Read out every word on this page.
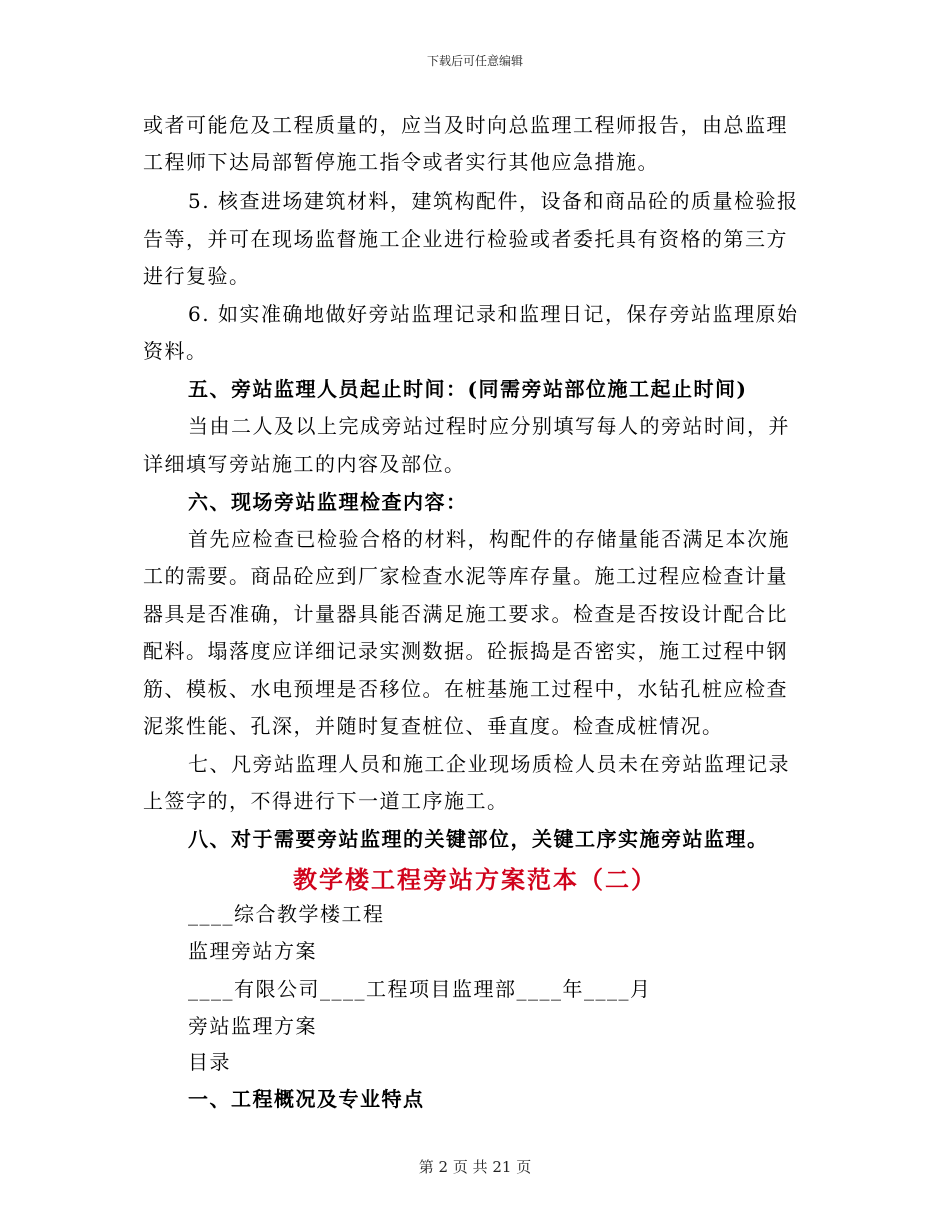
下载后可任意编辑
或者可能危及工程质量的，应当及时向总监理工程师报告，由总监理
工程师下达局部暂停施工指令或者实行其他应急措施。
5. 核查进场建筑材料，建筑构配件，设备和商品砼的质量检验报
告等，并可在现场监督施工企业进行检验或者委托具有资格的第三方
进行复验。
6. 如实准确地做好旁站监理记录和监理日记，保存旁站监理原始
资料。
五、旁站监理人员起止时间：(同需旁站部位施工起止时间)
当由二人及以上完成旁站过程时应分别填写每人的旁站时间，并
详细填写旁站施工的内容及部位。
六、现场旁站监理检查内容：
首先应检查已检验合格的材料，构配件的存储量能否满足本次施
工的需要。商品砼应到厂家检查水泥等库存量。施工过程应检查计量
器具是否准确，计量器具能否满足施工要求。检查是否按设计配合比
配料。塌落度应详细记录实测数据。砼振捣是否密实，施工过程中钢
筋、模板、水电预埋是否移位。在桩基施工过程中，水钻孔桩应检查
泥浆性能、孔深，并随时复查桩位、垂直度。检查成桩情况。
七、凡旁站监理人员和施工企业现场质检人员未在旁站监理记录
上签字的，不得进行下一道工序施工。
八、对于需要旁站监理的关键部位，关键工序实施旁站监理。
教学楼工程旁站方案范本（二）
____综合教学楼工程
监理旁站方案
____有限公司____工程项目监理部____年____月
旁站监理方案
目录
一、工程概况及专业特点
第 2 页 共 21 页
